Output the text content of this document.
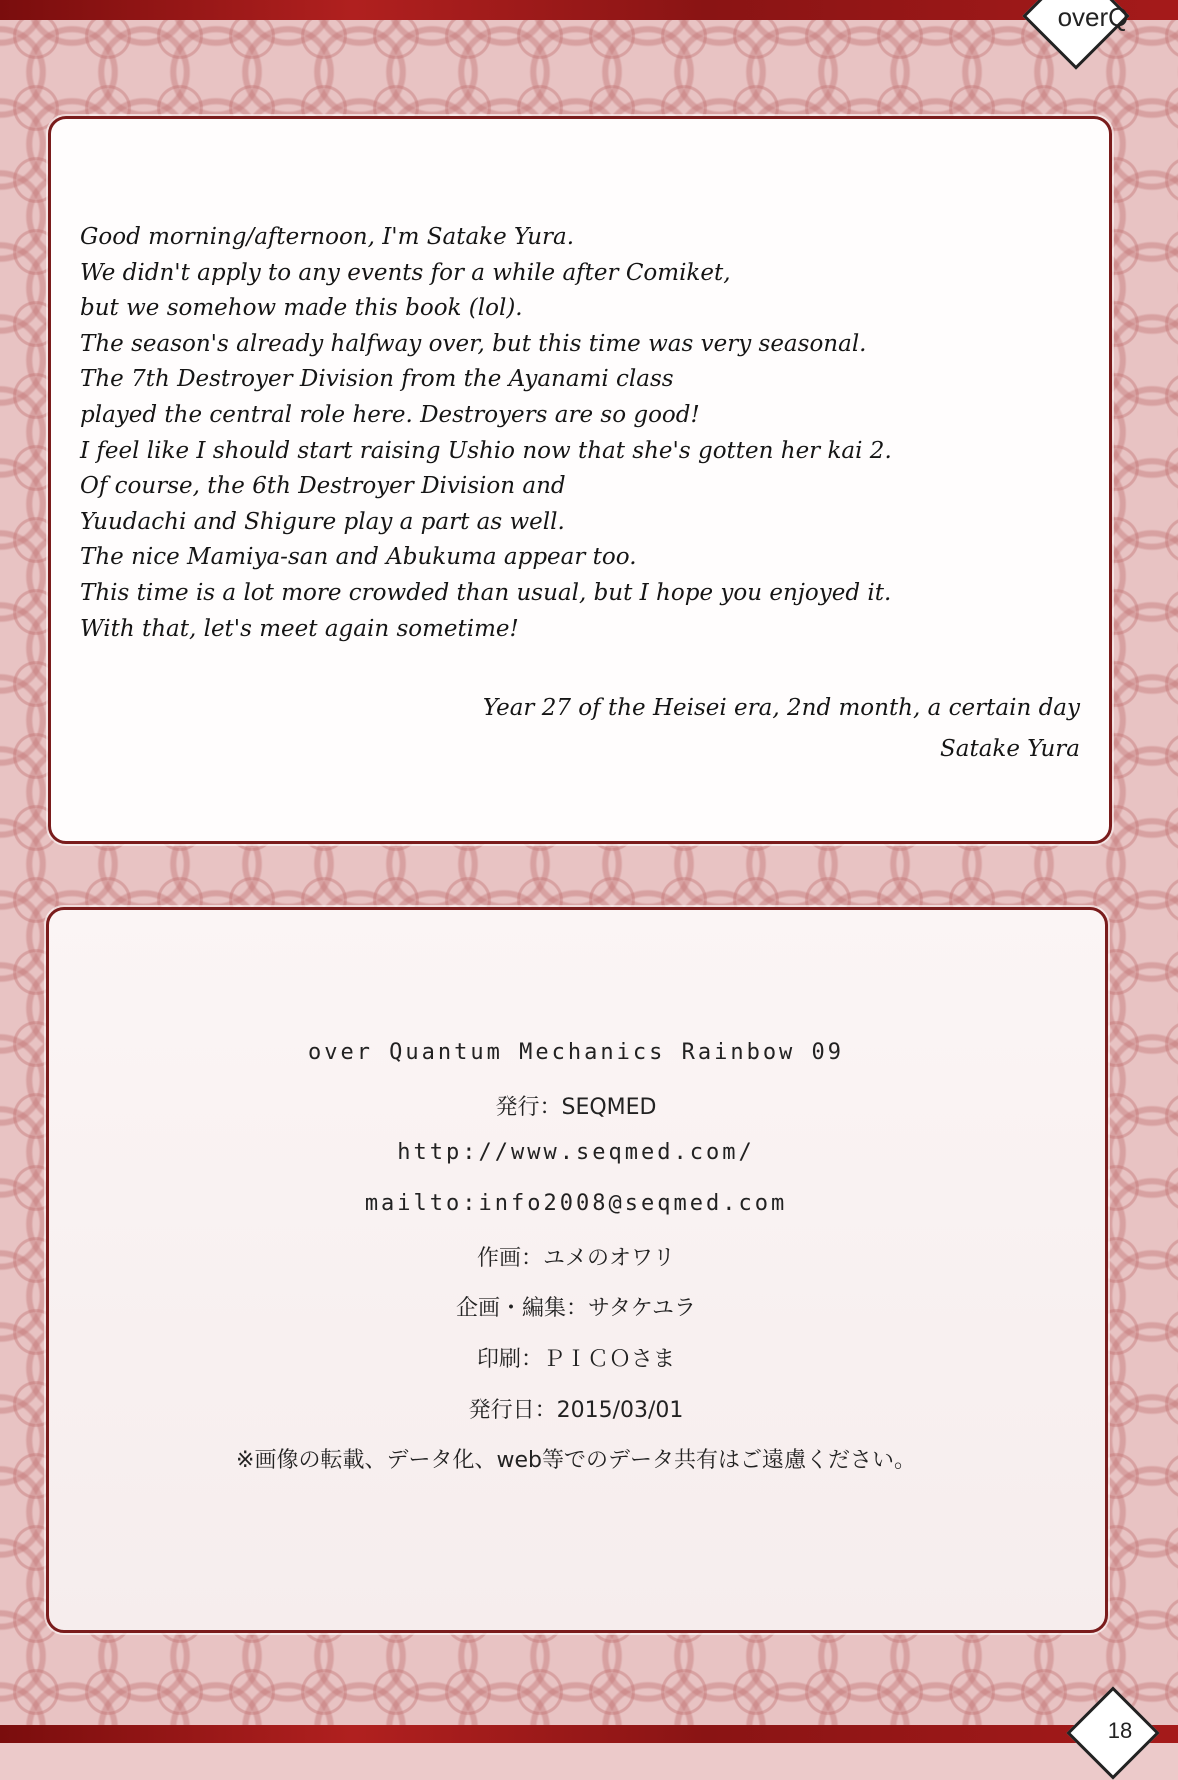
overQ
Good morning/afternoon, I'm Satake Yura.
We didn't apply to any events for a while after Comiket,
but we somehow made this book (lol).
The season's already halfway over, but this time was very seasonal.
The 7th Destroyer Division from the Ayanami class
played the central role here. Destroyers are so good!
I feel like I should start raising Ushio now that she's gotten her kai 2.
Of course, the 6th Destroyer Division and
Yuudachi and Shigure play a part as well.
The nice Mamiya-san and Abukuma appear too.
This time is a lot more crowded than usual, but I hope you enjoyed it.
With that, let's meet again sometime!
Year 27 of the Heisei era, 2nd month, a certain day
Satake Yura
over Quantum Mechanics Rainbow 09
発行：SEQMED
http://www.seqmed.com/
mailto:info2008@seqmed.com
作画：ユメのオワリ
企画・編集：サタケユラ
印刷：ＰＩＣＯさま
発行日：2015/03/01
※画像の転載、データ化、web等でのデータ共有はご遠慮ください。
18
